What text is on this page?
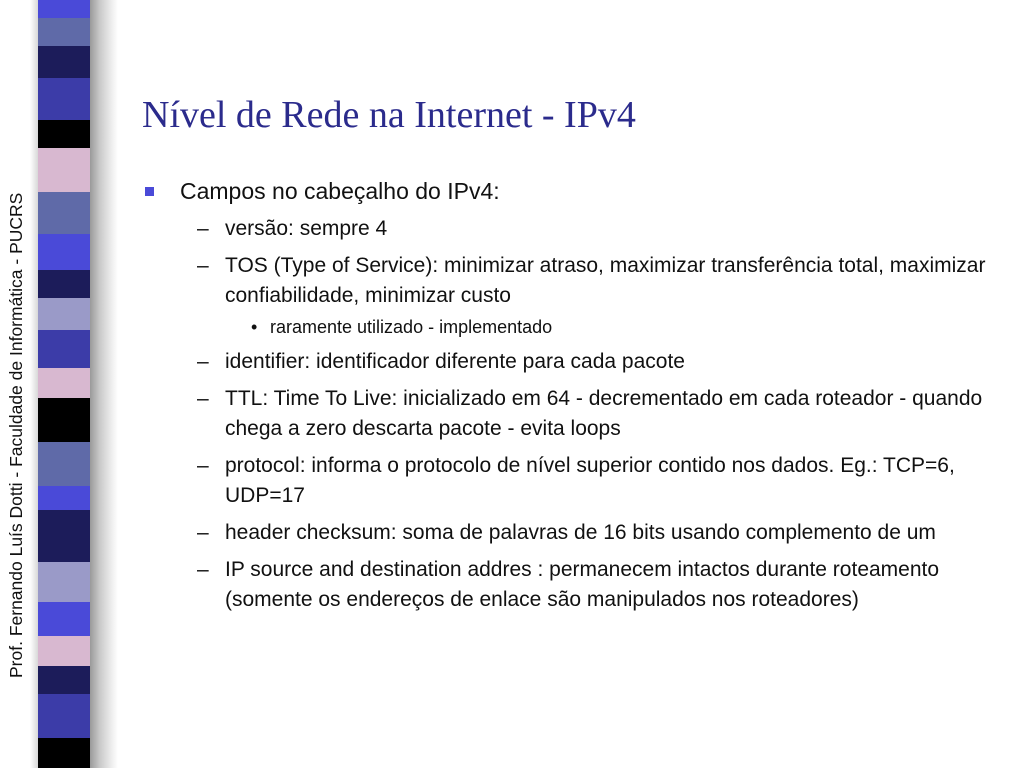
Prof. Fernando Luís Dotti - Faculdade de Informática - PUCRS
Nível de Rede na Internet - IPv4
Campos no cabeçalho do IPv4:
– versão: sempre 4
– TOS (Type of Service): minimizar atraso, maximizar transferência total, maximizar confiabilidade, minimizar custo
• raramente utilizado - implementado
– identifier: identificador diferente para cada pacote
– TTL: Time To Live: inicializado em 64 - decrementado em cada roteador - quando chega a zero descarta pacote - evita loops
– protocol: informa o protocolo de nível superior contido nos dados. Eg.: TCP=6, UDP=17
– header checksum: soma de palavras de 16 bits usando complemento de um
– IP source and destination addres : permanecem intactos durante roteamento (somente os endereços de enlace são manipulados nos roteadores)
